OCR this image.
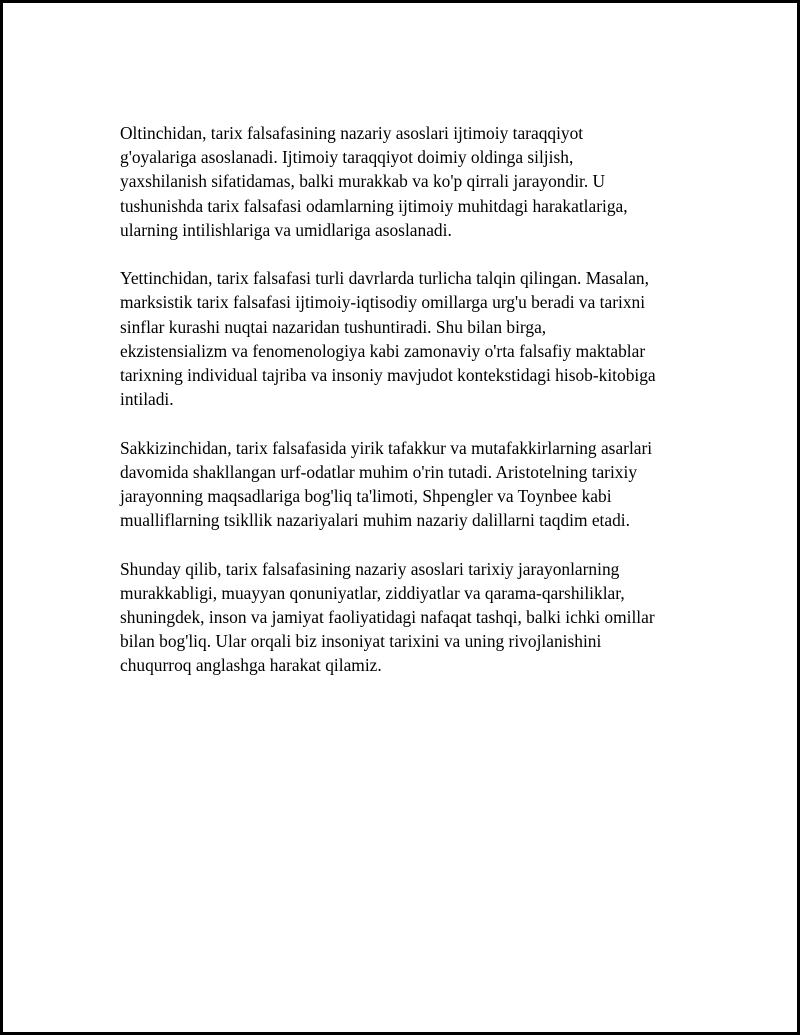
Oltinchidan, tarix falsafasining nazariy asoslari ijtimoiy taraqqiyot
g'oyalariga asoslanadi. Ijtimoiy taraqqiyot doimiy oldinga siljish,
yaxshilanish sifatidamas, balki murakkab va ko'p qirrali jarayondir. U
tushunishda tarix falsafasi odamlarning ijtimoiy muhitdagi harakatlariga,
ularning intilishlariga va umidlariga asoslanadi.

Yettinchidan, tarix falsafasi turli davrlarda turlicha talqin qilingan. Masalan,
marksistik tarix falsafasi ijtimoiy-iqtisodiy omillarga urg'u beradi va tarixni
sinflar kurashi nuqtai nazaridan tushuntiradi. Shu bilan birga,
ekzistensializm va fenomenologiya kabi zamonaviy o'rta falsafiy maktablar
tarixning individual tajriba va insoniy mavjudot kontekstidagi hisob-kitobiga
intiladi.

Sakkizinchidan, tarix falsafasida yirik tafakkur va mutafakkirlarning asarlari
davomida shakllangan urf-odatlar muhim o'rin tutadi. Aristotelning tarixiy
jarayonning maqsadlariga bog'liq ta'limoti, Shpengler va Toynbee kabi
mualliflarning tsikllik nazariyalari muhim nazariy dalillarni taqdim etadi.

Shunday qilib, tarix falsafasining nazariy asoslari tarixiy jarayonlarning
murakkabligi, muayyan qonuniyatlar, ziddiyatlar va qarama-qarshiliklar,
shuningdek, inson va jamiyat faoliyatidagi nafaqat tashqi, balki ichki omillar
bilan bog'liq. Ular orqali biz insoniyat tarixini va uning rivojlanishini
chuqurroq anglashga harakat qilamiz.
